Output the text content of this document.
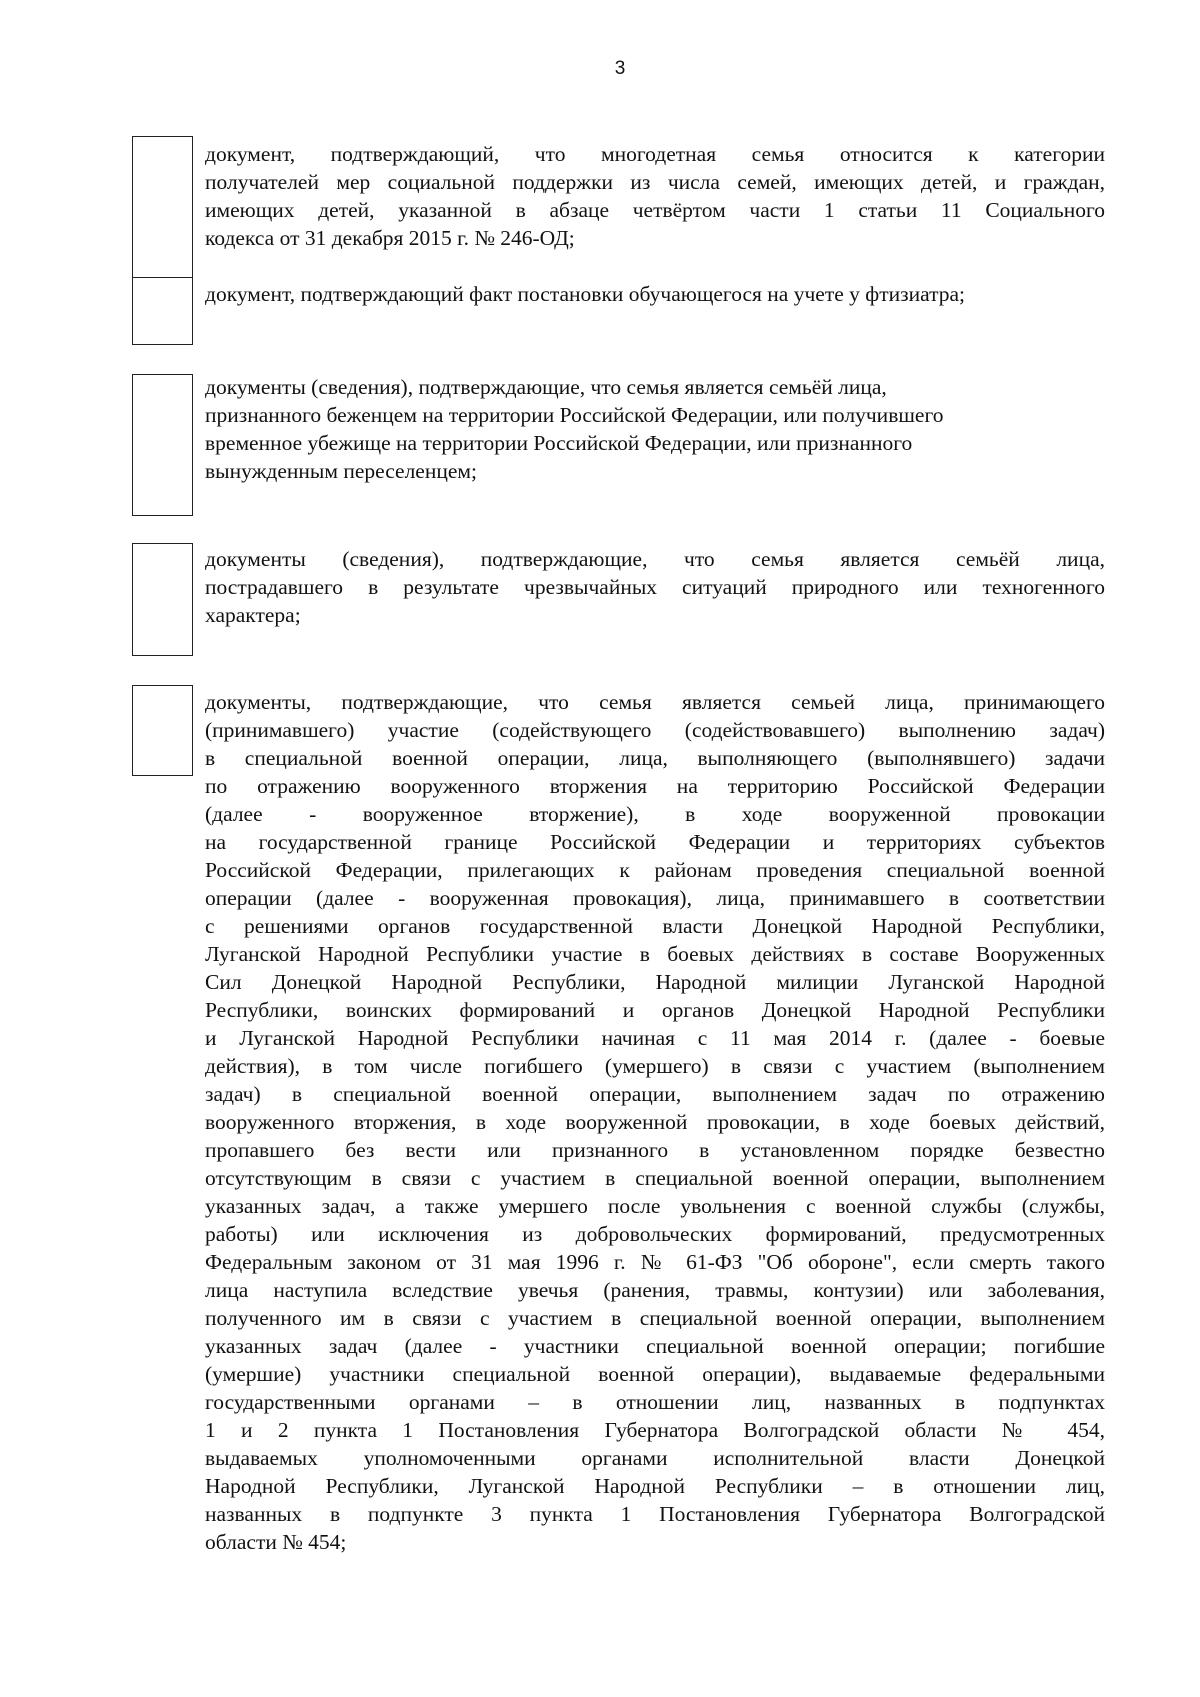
3
документ, подтверждающий, что многодетная семья относится к категории
получателей мер социальной поддержки из числа семей, имеющих детей, и граждан,
имеющих детей, указанной в абзаце четвёртом части 1 статьи 11 Социального
кодекса от 31 декабря 2015 г. № 246-ОД;
документ, подтверждающий факт постановки обучающегося на учете у фтизиатра;
документы (сведения), подтверждающие, что семья является семьёй лица,
признанного беженцем на территории Российской Федерации, или получившего
временное убежище на территории Российской Федерации, или признанного
вынужденным переселенцем;
документы (сведения), подтверждающие, что семья является семьёй лица,
пострадавшего в результате чрезвычайных ситуаций природного или техногенного
характера;
документы, подтверждающие, что семья является семьей лица, принимающего
(принимавшего) участие (содействующего (содействовавшего) выполнению задач)
в специальной военной операции, лица, выполняющего (выполнявшего) задачи
по отражению вооруженного вторжения на территорию Российской Федерации
(далее - вооруженное вторжение), в ходе вооруженной провокации
на государственной границе Российской Федерации и территориях субъектов
Российской Федерации, прилегающих к районам проведения специальной военной
операции (далее - вооруженная провокация), лица, принимавшего в соответствии
с решениями органов государственной власти Донецкой Народной Республики,
Луганской Народной Республики участие в боевых действиях в составе Вооруженных
Сил Донецкой Народной Республики, Народной милиции Луганской Народной
Республики, воинских формирований и органов Донецкой Народной Республики
и Луганской Народной Республики начиная с 11 мая 2014 г. (далее - боевые
действия), в том числе погибшего (умершего) в связи с участием (выполнением
задач) в специальной военной операции, выполнением задач по отражению
вооруженного вторжения, в ходе вооруженной провокации, в ходе боевых действий,
пропавшего без вести или признанного в установленном порядке безвестно
отсутствующим в связи с участием в специальной военной операции, выполнением
указанных задач, а также умершего после увольнения с военной службы (службы,
работы) или исключения из добровольческих формирований, предусмотренных
Федеральным законом от 31 мая 1996 г. № 61-ФЗ "Об обороне", если смерть такого
лица наступила вследствие увечья (ранения, травмы, контузии) или заболевания,
полученного им в связи с участием в специальной военной операции, выполнением
указанных задач (далее - участники специальной военной операции; погибшие
(умершие) участники специальной военной операции), выдаваемые федеральными
государственными органами – в отношении лиц, названных в подпунктах
1 и 2 пункта 1 Постановления Губернатора Волгоградской области № 454,
выдаваемых уполномоченными органами исполнительной власти Донецкой
Народной Республики, Луганской Народной Республики – в отношении лиц,
названных в подпункте 3 пункта 1 Постановления Губернатора Волгоградской
области № 454;
